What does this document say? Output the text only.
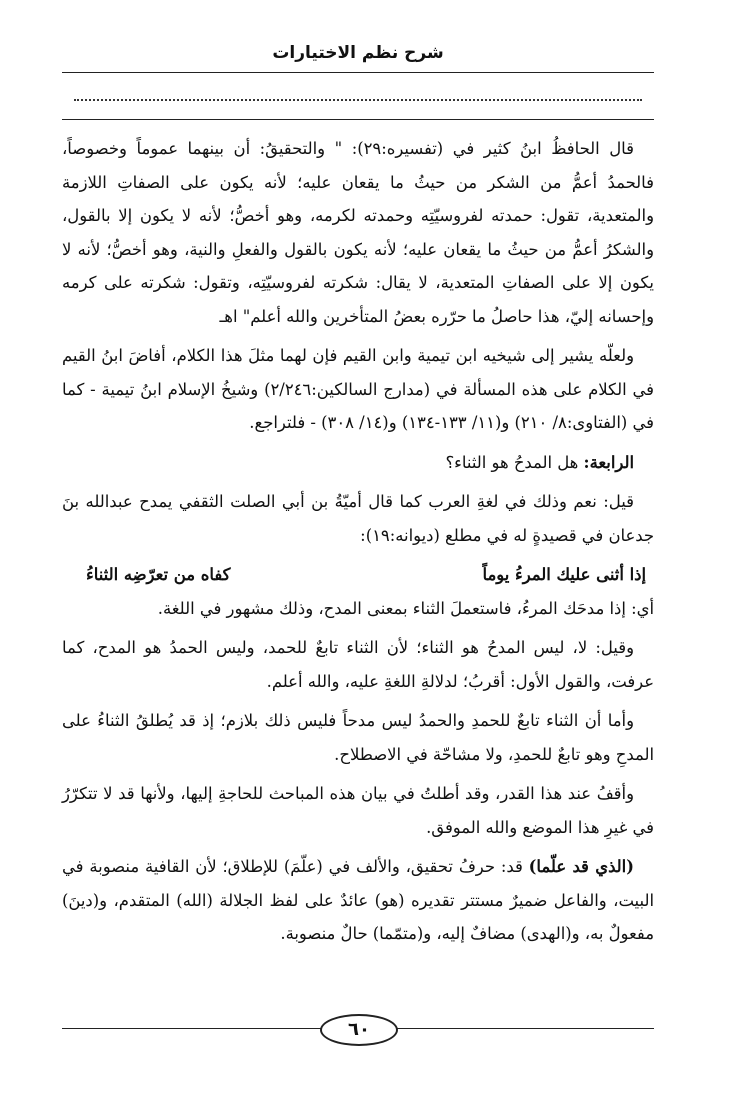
شرح نظم الاختيارات

قال الحافظُ ابنُ كثير في (تفسيره:٢٩): " والتحقيقُ: أن بينهما عموماً وخصوصاً، فالحمدُ أعمُّ من الشكر من حيثُ ما يقعان عليه؛ لأنه يكون على الصفاتِ اللازمة والمتعدية، تقول: حمدته لفروسيّتِه وحمدته لكرمه، وهو أخصُّ؛ لأنه لا يكون إلا بالقول، والشكرُ أعمُّ من حيثُ ما يقعان عليه؛ لأنه يكون بالقول والفعلِ والنية، وهو أخصُّ؛ لأنه لا يكون إلا على الصفاتِ المتعدية، لا يقال: شكرته لفروسيّتِه، وتقول: شكرته على كرمه وإحسانه إليّ، هذا حاصلُ ما حرّره بعضُ المتأخرين والله أعلم" اهـ

ولعلّه يشير إلى شيخيه ابن تيمية وابن القيم فإن لهما مثلَ هذا الكلام، أفاضَ ابنُ القيم في الكلام على هذه المسألة في (مدارج السالكين:٢/٢٤٦) وشيخُ الإسلام ابنُ تيمية - كما في (الفتاوى:٨/ ٢١٠) و(١١/ ١٣٣-١٣٤) و(١٤/ ٣٠٨) - فلتراجع.

الرابعة: هل المدحُ هو الثناء؟

قيل: نعم وذلك في لغةِ العرب كما قال أميّةُ بن أبي الصلت الثقفي يمدح عبدالله بنَ جدعان في قصيدةٍ له في مطلع (ديوانه:١٩):

إذا أثنى عليك المرءُ يوماً
كفاه من تعرّضِه الثناءُ

أي: إذا مدحَك المرءُ، فاستعملَ الثناء بمعنى المدح، وذلك مشهور في اللغة.

وقيل: لا، ليس المدحُ هو الثناء؛ لأن الثناء تابعٌ للحمد، وليس الحمدُ هو المدح، كما عرفت، والقول الأول: أقربُ؛ لدلالةِ اللغةِ عليه، والله أعلم.

وأما أن الثناء تابعٌ للحمدِ والحمدُ ليس مدحاً فليس ذلك بلازم؛ إذ قد يُطلقُ الثناءُ على المدحِ وهو تابعٌ للحمدِ، ولا مشاحّة في الاصطلاح.

وأقفُ عند هذا القدر، وقد أطلتُ في بيان هذه المباحث للحاجةِ إليها، ولأنها قد لا تتكرّرُ في غيرِ هذا الموضع والله الموفق.

(الذي قد علّما) قد: حرفُ تحقيق، والألف في (علّمَ) للإطلاق؛ لأن القافية منصوبة في البيت، والفاعل ضميرٌ مستتر تقديره (هو) عائدٌ على لفظ الجلالة (الله) المتقدم، و(دينَ) مفعولٌ به، و(الهدى) مضافٌ إليه، و(متمّما) حالٌ منصوبة.

٦٠
